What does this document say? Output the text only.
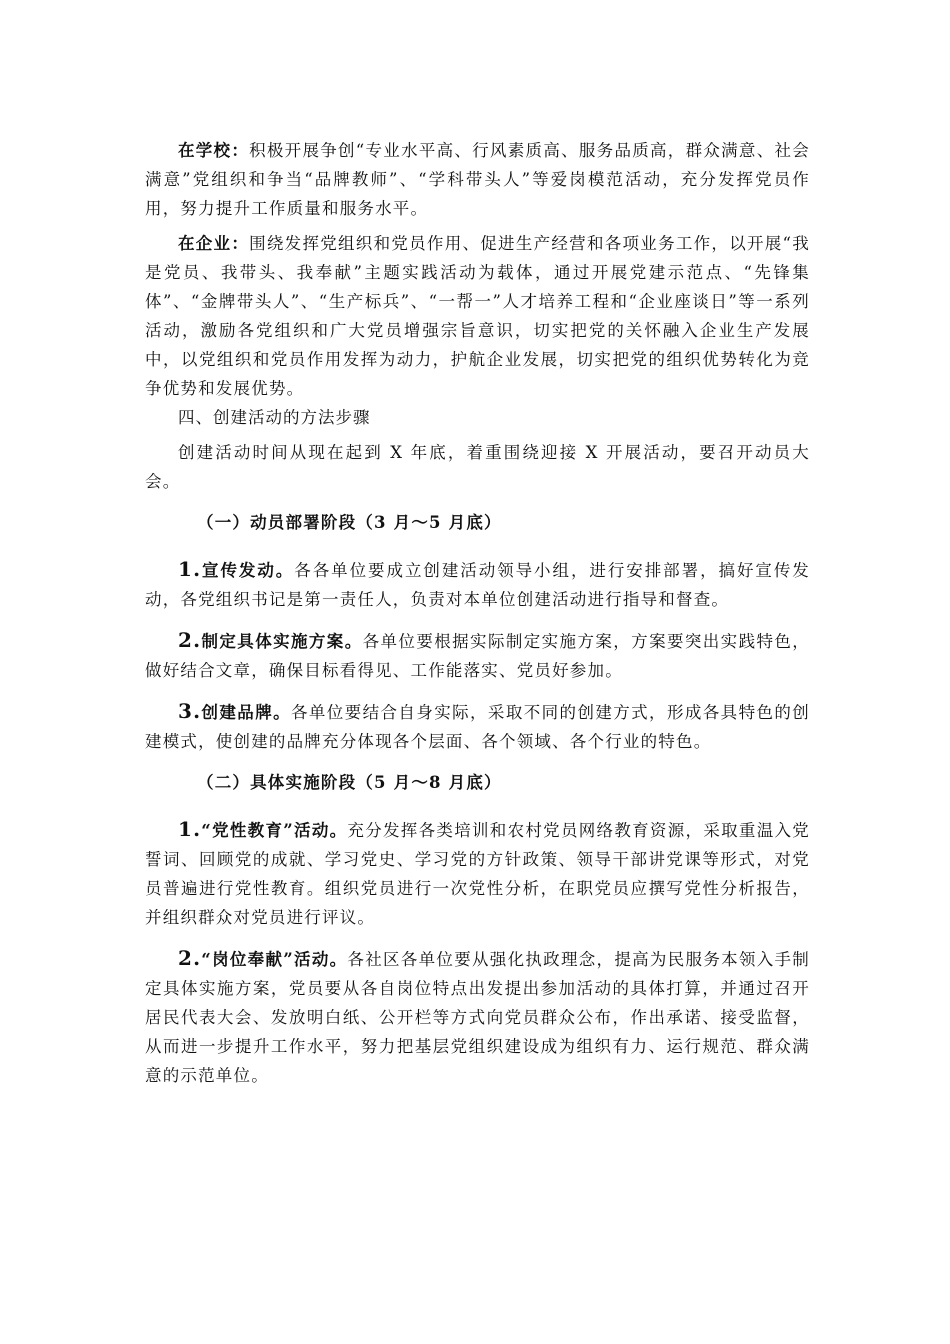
在学校：积极开展争创“专业水平高、行风素质高、服务品质高，群众满意、社会满意”党组织和争当“品牌教师”、“学科带头人”等爱岗模范活动，充分发挥党员作用，努力提升工作质量和服务水平。

在企业：围绕发挥党组织和党员作用、促进生产经营和各项业务工作，以开展“我是党员、我带头、我奉献”主题实践活动为载体，通过开展党建示范点、“先锋集体”、“金牌带头人”、“生产标兵”、“一帮一”人才培养工程和“企业座谈日”等一系列活动，激励各党组织和广大党员增强宗旨意识，切实把党的关怀融入企业生产发展中，以党组织和党员作用发挥为动力，护航企业发展，切实把党的组织优势转化为竞争优势和发展优势。

四、创建活动的方法步骤

创建活动时间从现在起到 X 年底，着重围绕迎接 X 开展活动，要召开动员大会。

（一）动员部署阶段（3 月～5 月底）

1.宣传发动。各各单位要成立创建活动领导小组，进行安排部署，搞好宣传发动，各党组织书记是第一责任人，负责对本单位创建活动进行指导和督查。

2.制定具体实施方案。各单位要根据实际制定实施方案，方案要突出实践特色，做好结合文章，确保目标看得见、工作能落实、党员好参加。

3.创建品牌。各单位要结合自身实际，采取不同的创建方式，形成各具特色的创建模式，使创建的品牌充分体现各个层面、各个领域、各个行业的特色。

（二）具体实施阶段（5 月～8 月底）

1.“党性教育”活动。充分发挥各类培训和农村党员网络教育资源，采取重温入党誓词、回顾党的成就、学习党史、学习党的方针政策、领导干部讲党课等形式，对党员普遍进行党性教育。组织党员进行一次党性分析，在职党员应撰写党性分析报告，并组织群众对党员进行评议。

2.“岗位奉献”活动。各社区各单位要从强化执政理念，提高为民服务本领入手制定具体实施方案，党员要从各自岗位特点出发提出参加活动的具体打算，并通过召开居民代表大会、发放明白纸、公开栏等方式向党员群众公布，作出承诺、接受监督，从而进一步提升工作水平，努力把基层党组织建设成为组织有力、运行规范、群众满意的示范单位。
